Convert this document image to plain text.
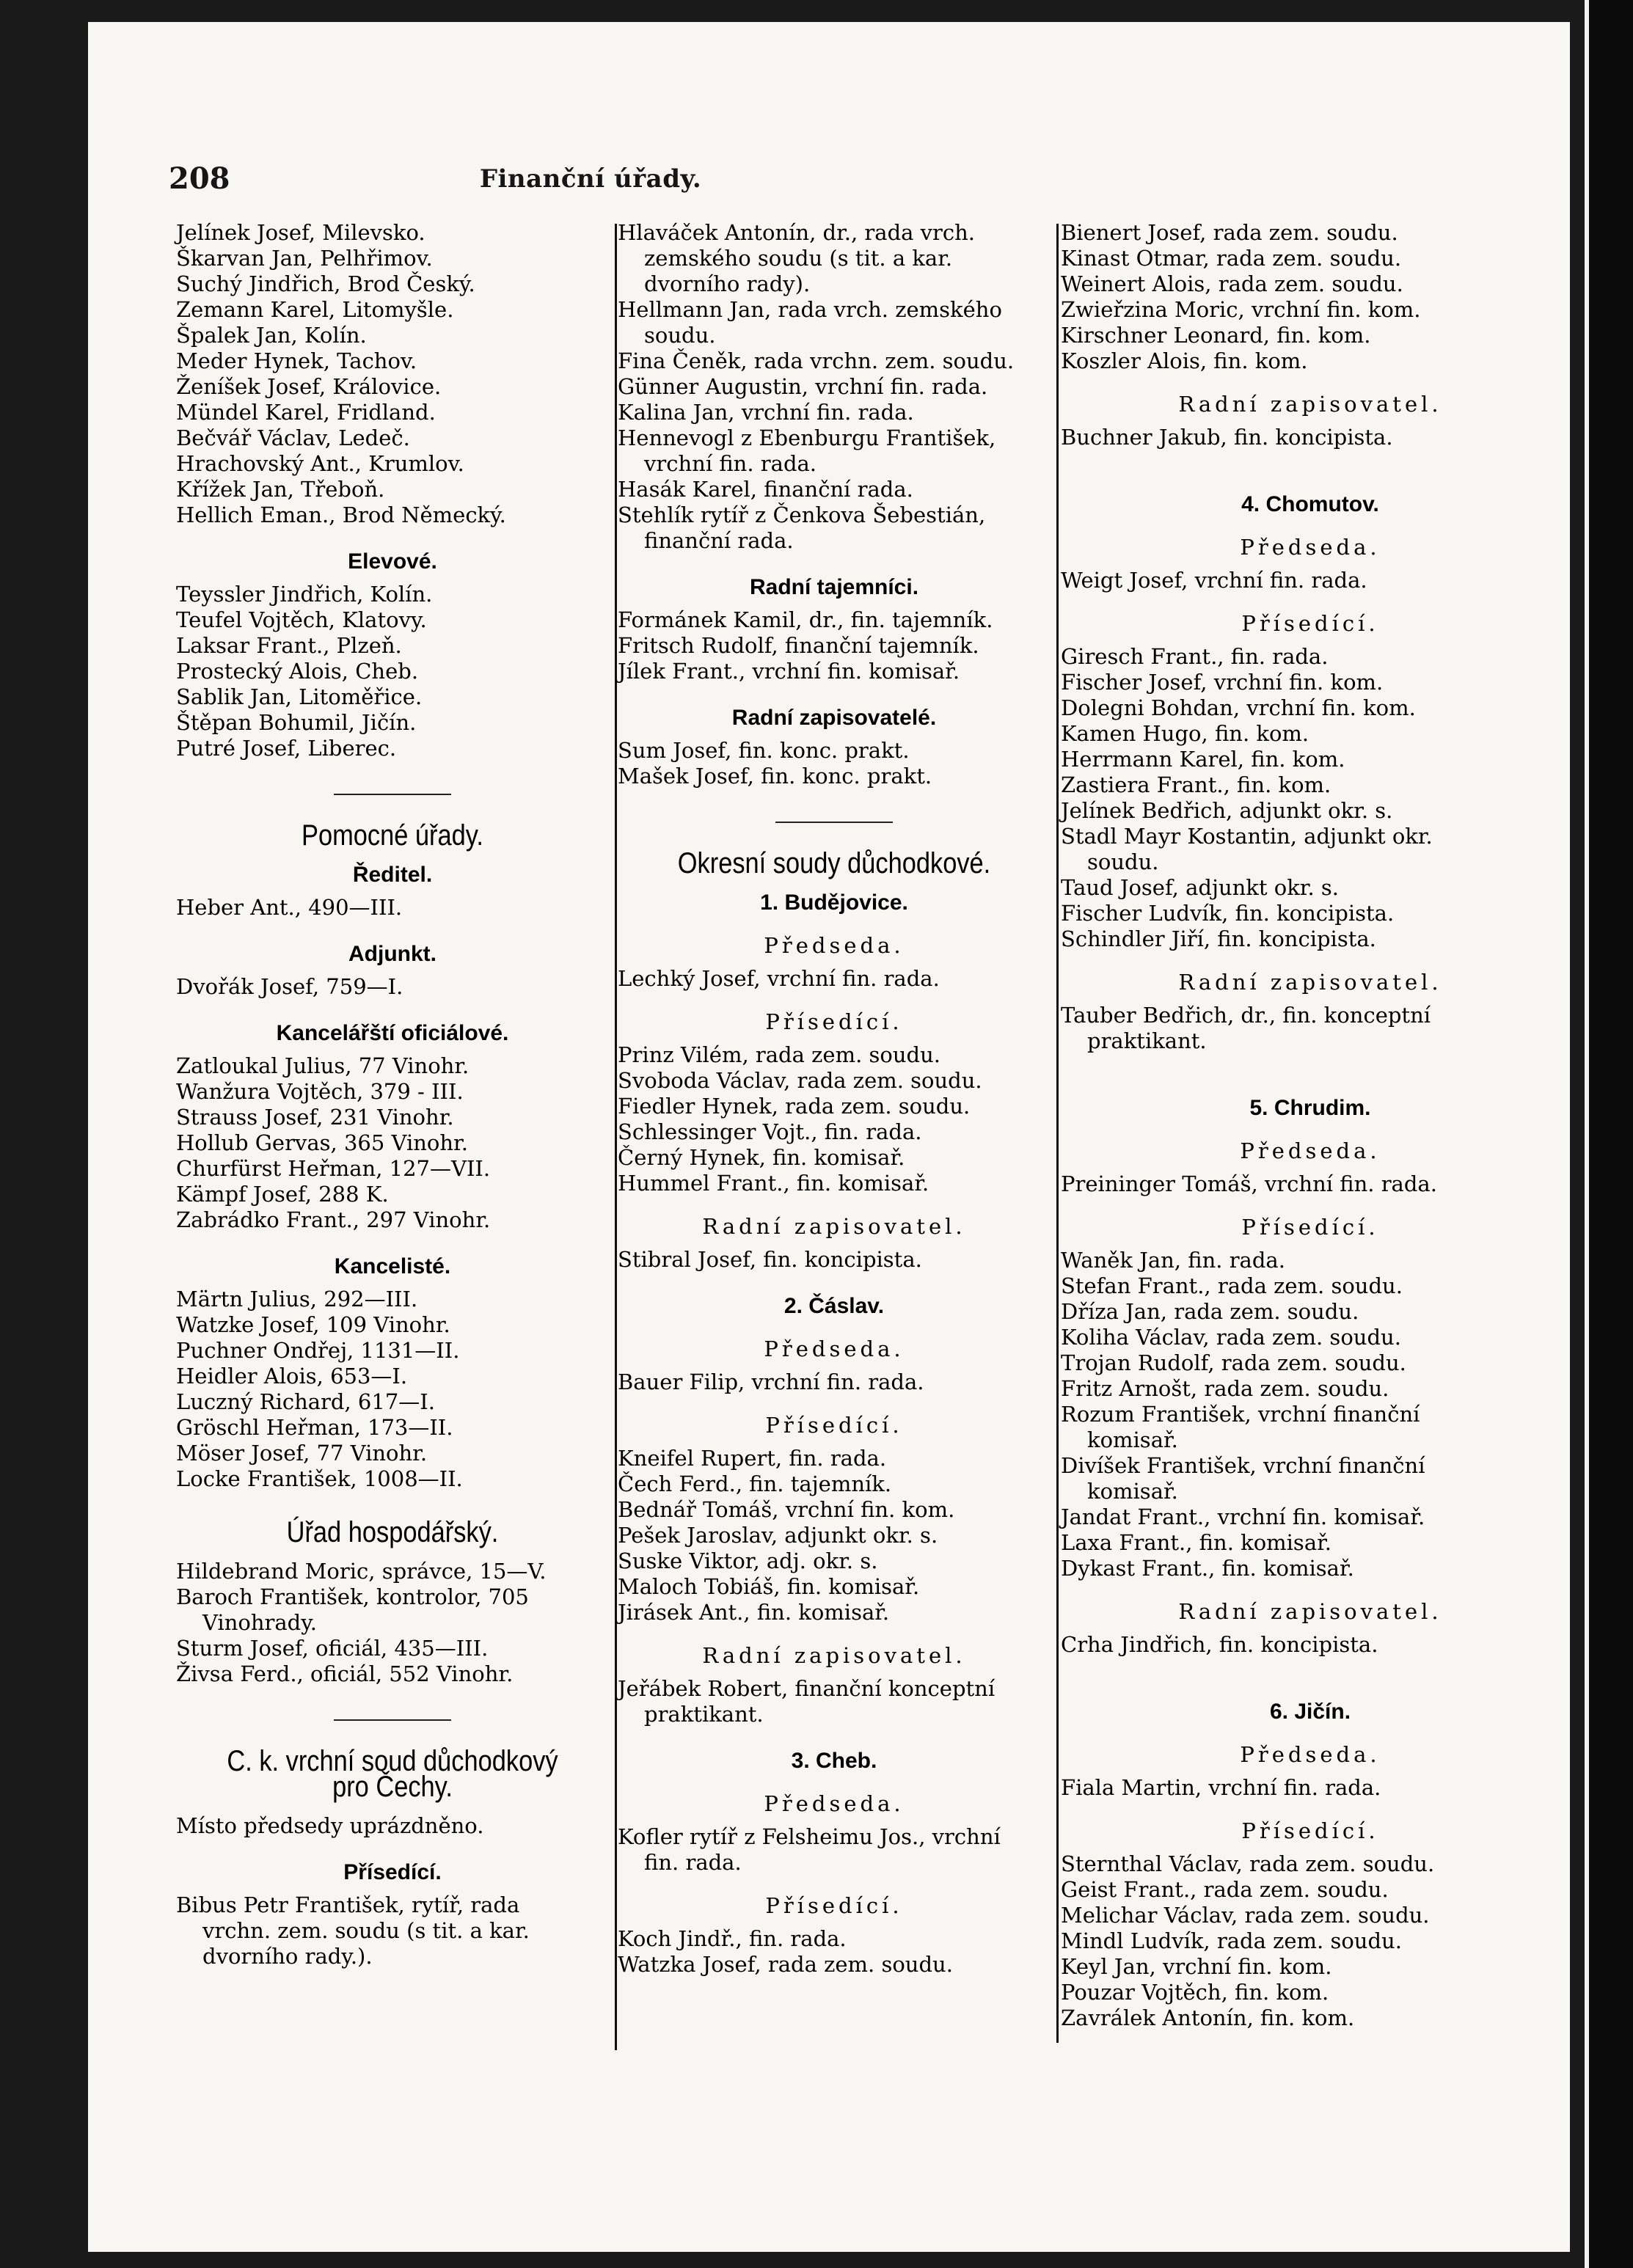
208	Finanční úřady.
Jelínek Josef, Milevsko.
Škarvan Jan, Pelhřimov.
Suchý Jindřich, Brod Český.
Zemann Karel, Litomyšle.
Špalek Jan, Kolín.
Meder Hynek, Tachov.
Ženíšek Josef, Královice.
Mündel Karel, Fridland.
Bečvář Václav, Ledeč.
Hrachovský Ant., Krumlov.
Křížek Jan, Třeboň.
Hellich Eman., Brod Německý.
Elevové.
Teyssler Jindřich, Kolín.
Teufel Vojtěch, Klatovy.
Laksar Frant., Plzeň.
Prostecký Alois, Cheb.
Sablik Jan, Litoměřice.
Štěpan Bohumil, Jičín.
Putré Josef, Liberec.
Pomocné úřady.
Ředitel.
Heber Ant., 490—III.
Adjunkt.
Dvořák Josef, 759—I.
Kancelářští oficiálové.
Zatloukal Julius, 77 Vinohr.
Wanžura Vojtěch, 379 - III.
Strauss Josef, 231 Vinohr.
Hollub Gervas, 365 Vinohr.
Churfürst Heřman, 127—VII.
Kämpf Josef, 288 K.
Zabrádko Frant., 297 Vinohr.
Kancelisté.
Märtn Julius, 292—III.
Watzke Josef, 109 Vinohr.
Puchner Ondřej, 1131—II.
Heidler Alois, 653—I.
Luczný Richard, 617—I.
Gröschl Heřman, 173—II.
Möser Josef, 77 Vinohr.
Locke František, 1008—II.
Úřad hospodářský.
Hildebrand Moric, správce, 15—V.
Baroch František, kontrolor, 705
Vinohrady.
Sturm Josef, oficiál, 435—III.
Živsa Ferd., oficiál, 552 Vinohr.
C. k. vrchní soud důchodkový
pro Čechy.
Místo předsedy uprázdněno.
Přísedící.
Bibus Petr František, rytíř, rada
vrchn. zem. soudu (s tit. a kar.
dvorního rady.).
Hlaváček Antonín, dr., rada vrch.
zemského soudu (s tit. a kar.
dvorního rady).
Hellmann Jan, rada vrch. zemského
soudu.
Fina Čeněk, rada vrchn. zem. soudu.
Günner Augustin, vrchní fin. rada.
Kalina Jan, vrchní fin. rada.
Hennevogl z Ebenburgu František,
vrchní fin. rada.
Hasák Karel, finanční rada.
Stehlík rytíř z Čenkova Šebestián,
finanční rada.
Radní tajemníci.
Formánek Kamil, dr., fin. tajemník.
Fritsch Rudolf, finanční tajemník.
Jílek Frant., vrchní fin. komisař.
Radní zapisovatelé.
Sum Josef, fin. konc. prakt.
Mašek Josef, fin. konc. prakt.
Okresní soudy důchodkové.
1. Budějovice.
Předseda.
Lechký Josef, vrchní fin. rada.
Přísedící.
Prinz Vilém, rada zem. soudu.
Svoboda Václav, rada zem. soudu.
Fiedler Hynek, rada zem. soudu.
Schlessinger Vojt., fin. rada.
Černý Hynek, fin. komisař.
Hummel Frant., fin. komisař.
Radní zapisovatel.
Stibral Josef, fin. koncipista.
2. Čáslav.
Předseda.
Bauer Filip, vrchní fin. rada.
Přísedící.
Kneifel Rupert, fin. rada.
Čech Ferd., fin. tajemník.
Bednář Tomáš, vrchní fin. kom.
Pešek Jaroslav, adjunkt okr. s.
Suske Viktor, adj. okr. s.
Maloch Tobiáš, fin. komisař.
Jirásek Ant., fin. komisař.
Radní zapisovatel.
Jeřábek Robert, finanční konceptní
praktikant.
3. Cheb.
Předseda.
Kofler rytíř z Felsheimu Jos., vrchní
fin. rada.
Přísedící.
Koch Jindř., fin. rada.
Watzka Josef, rada zem. soudu.
Bienert Josef, rada zem. soudu.
Kinast Otmar, rada zem. soudu.
Weinert Alois, rada zem. soudu.
Zwieřzina Moric, vrchní fin. kom.
Kirschner Leonard, fin. kom.
Koszler Alois, fin. kom.
Radní zapisovatel.
Buchner Jakub, fin. koncipista.
4. Chomutov.
Předseda.
Weigt Josef, vrchní fin. rada.
Přísedící.
Giresch Frant., fin. rada.
Fischer Josef, vrchní fin. kom.
Dolegni Bohdan, vrchní fin. kom.
Kamen Hugo, fin. kom.
Herrmann Karel, fin. kom.
Zastiera Frant., fin. kom.
Jelínek Bedřich, adjunkt okr. s.
Stadl Mayr Kostantin, adjunkt okr.
soudu.
Taud Josef, adjunkt okr. s.
Fischer Ludvík, fin. koncipista.
Schindler Jiří, fin. koncipista.
Radní zapisovatel.
Tauber Bedřich, dr., fin. konceptní
praktikant.
5. Chrudim.
Předseda.
Preininger Tomáš, vrchní fin. rada.
Přísedící.
Waněk Jan, fin. rada.
Stefan Frant., rada zem. soudu.
Dříza Jan, rada zem. soudu.
Koliha Václav, rada zem. soudu.
Trojan Rudolf, rada zem. soudu.
Fritz Arnošt, rada zem. soudu.
Rozum František, vrchní finanční
komisař.
Divíšek František, vrchní finanční
komisař.
Jandat Frant., vrchní fin. komisař.
Laxa Frant., fin. komisař.
Dykast Frant., fin. komisař.
Radní zapisovatel.
Crha Jindřich, fin. koncipista.
6. Jičín.
Předseda.
Fiala Martin, vrchní fin. rada.
Přísedící.
Sternthal Václav, rada zem. soudu.
Geist Frant., rada zem. soudu.
Melichar Václav, rada zem. soudu.
Mindl Ludvík, rada zem. soudu.
Keyl Jan, vrchní fin. kom.
Pouzar Vojtěch, fin. kom.
Zavrálek Antonín, fin. kom.
